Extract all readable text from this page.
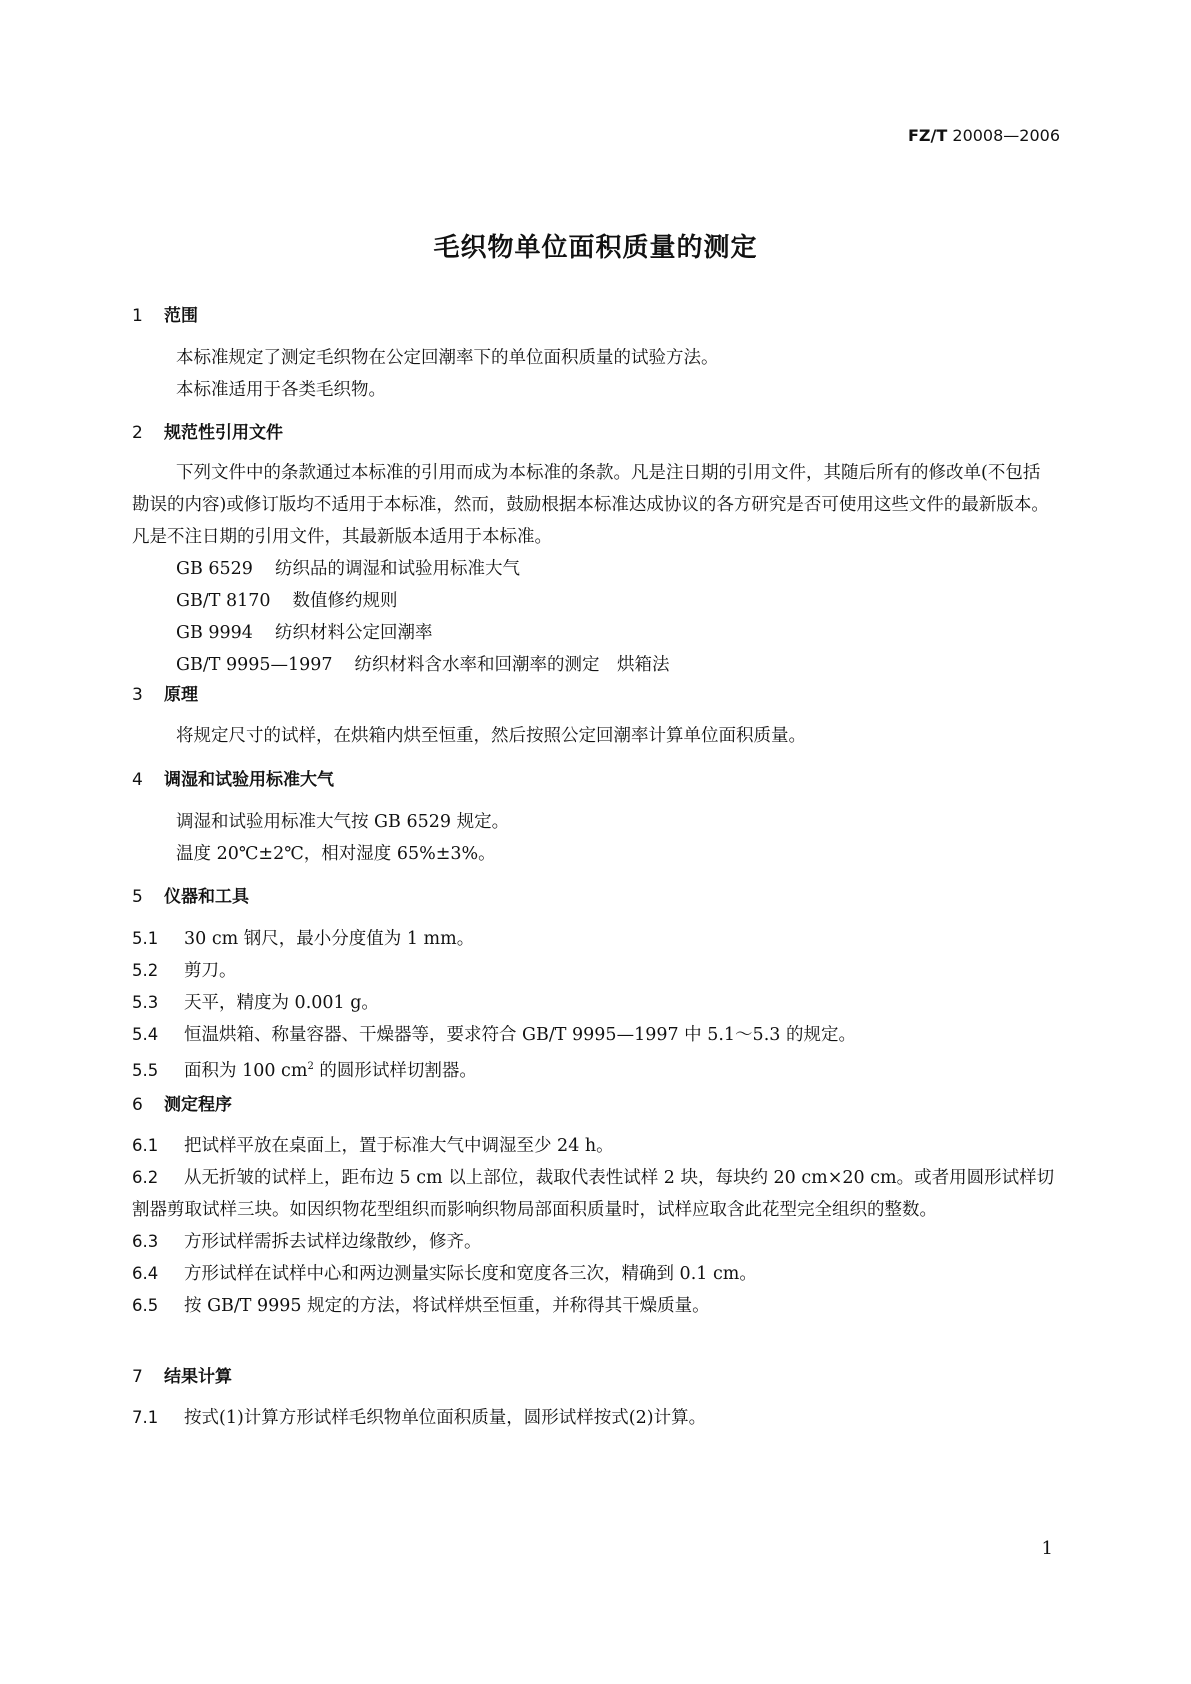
FZ/T 20008—2006
毛织物单位面积质量的测定
1 范围
本标准规定了测定毛织物在公定回潮率下的单位面积质量的试验方法。
本标准适用于各类毛织物。
2 规范性引用文件
下列文件中的条款通过本标准的引用而成为本标准的条款。凡是注日期的引用文件，其随后所有的修改单(不包括勘误的内容)或修订版均不适用于本标准，然而，鼓励根据本标准达成协议的各方研究是否可使用这些文件的最新版本。凡是不注日期的引用文件，其最新版本适用于本标准。
GB 6529 纺织品的调湿和试验用标准大气
GB/T 8170 数值修约规则
GB 9994 纺织材料公定回潮率
GB/T 9995—1997 纺织材料含水率和回潮率的测定　烘箱法
3 原理
将规定尺寸的试样，在烘箱内烘至恒重，然后按照公定回潮率计算单位面积质量。
4 调湿和试验用标准大气
调湿和试验用标准大气按 GB 6529 规定。
温度 20℃±2℃，相对湿度 65%±3%。
5 仪器和工具
5.1 30 cm 钢尺，最小分度值为 1 mm。
5.2 剪刀。
5.3 天平，精度为 0.001 g。
5.4 恒温烘箱、称量容器、干燥器等，要求符合 GB/T 9995—1997 中 5.1～5.3 的规定。
5.5 面积为 100 $cm^2$ 的圆形试样切割器。
6 测定程序
6.1 把试样平放在桌面上，置于标准大气中调湿至少 24 h。
6.2 从无折皱的试样上，距布边 5 cm 以上部位，裁取代表性试样 2 块，每块约 20 cm×20 cm。或者用圆形试样切割器剪取试样三块。如因织物花型组织而影响织物局部面积质量时，试样应取含此花型完全组织的整数。
6.3 方形试样需拆去试样边缘散纱，修齐。
6.4 方形试样在试样中心和两边测量实际长度和宽度各三次，精确到 0.1 cm。
6.5 按 GB/T 9995 规定的方法，将试样烘至恒重，并称得其干燥质量。
7 结果计算
7.1 按式(1)计算方形试样毛织物单位面积质量，圆形试样按式(2)计算。
1
